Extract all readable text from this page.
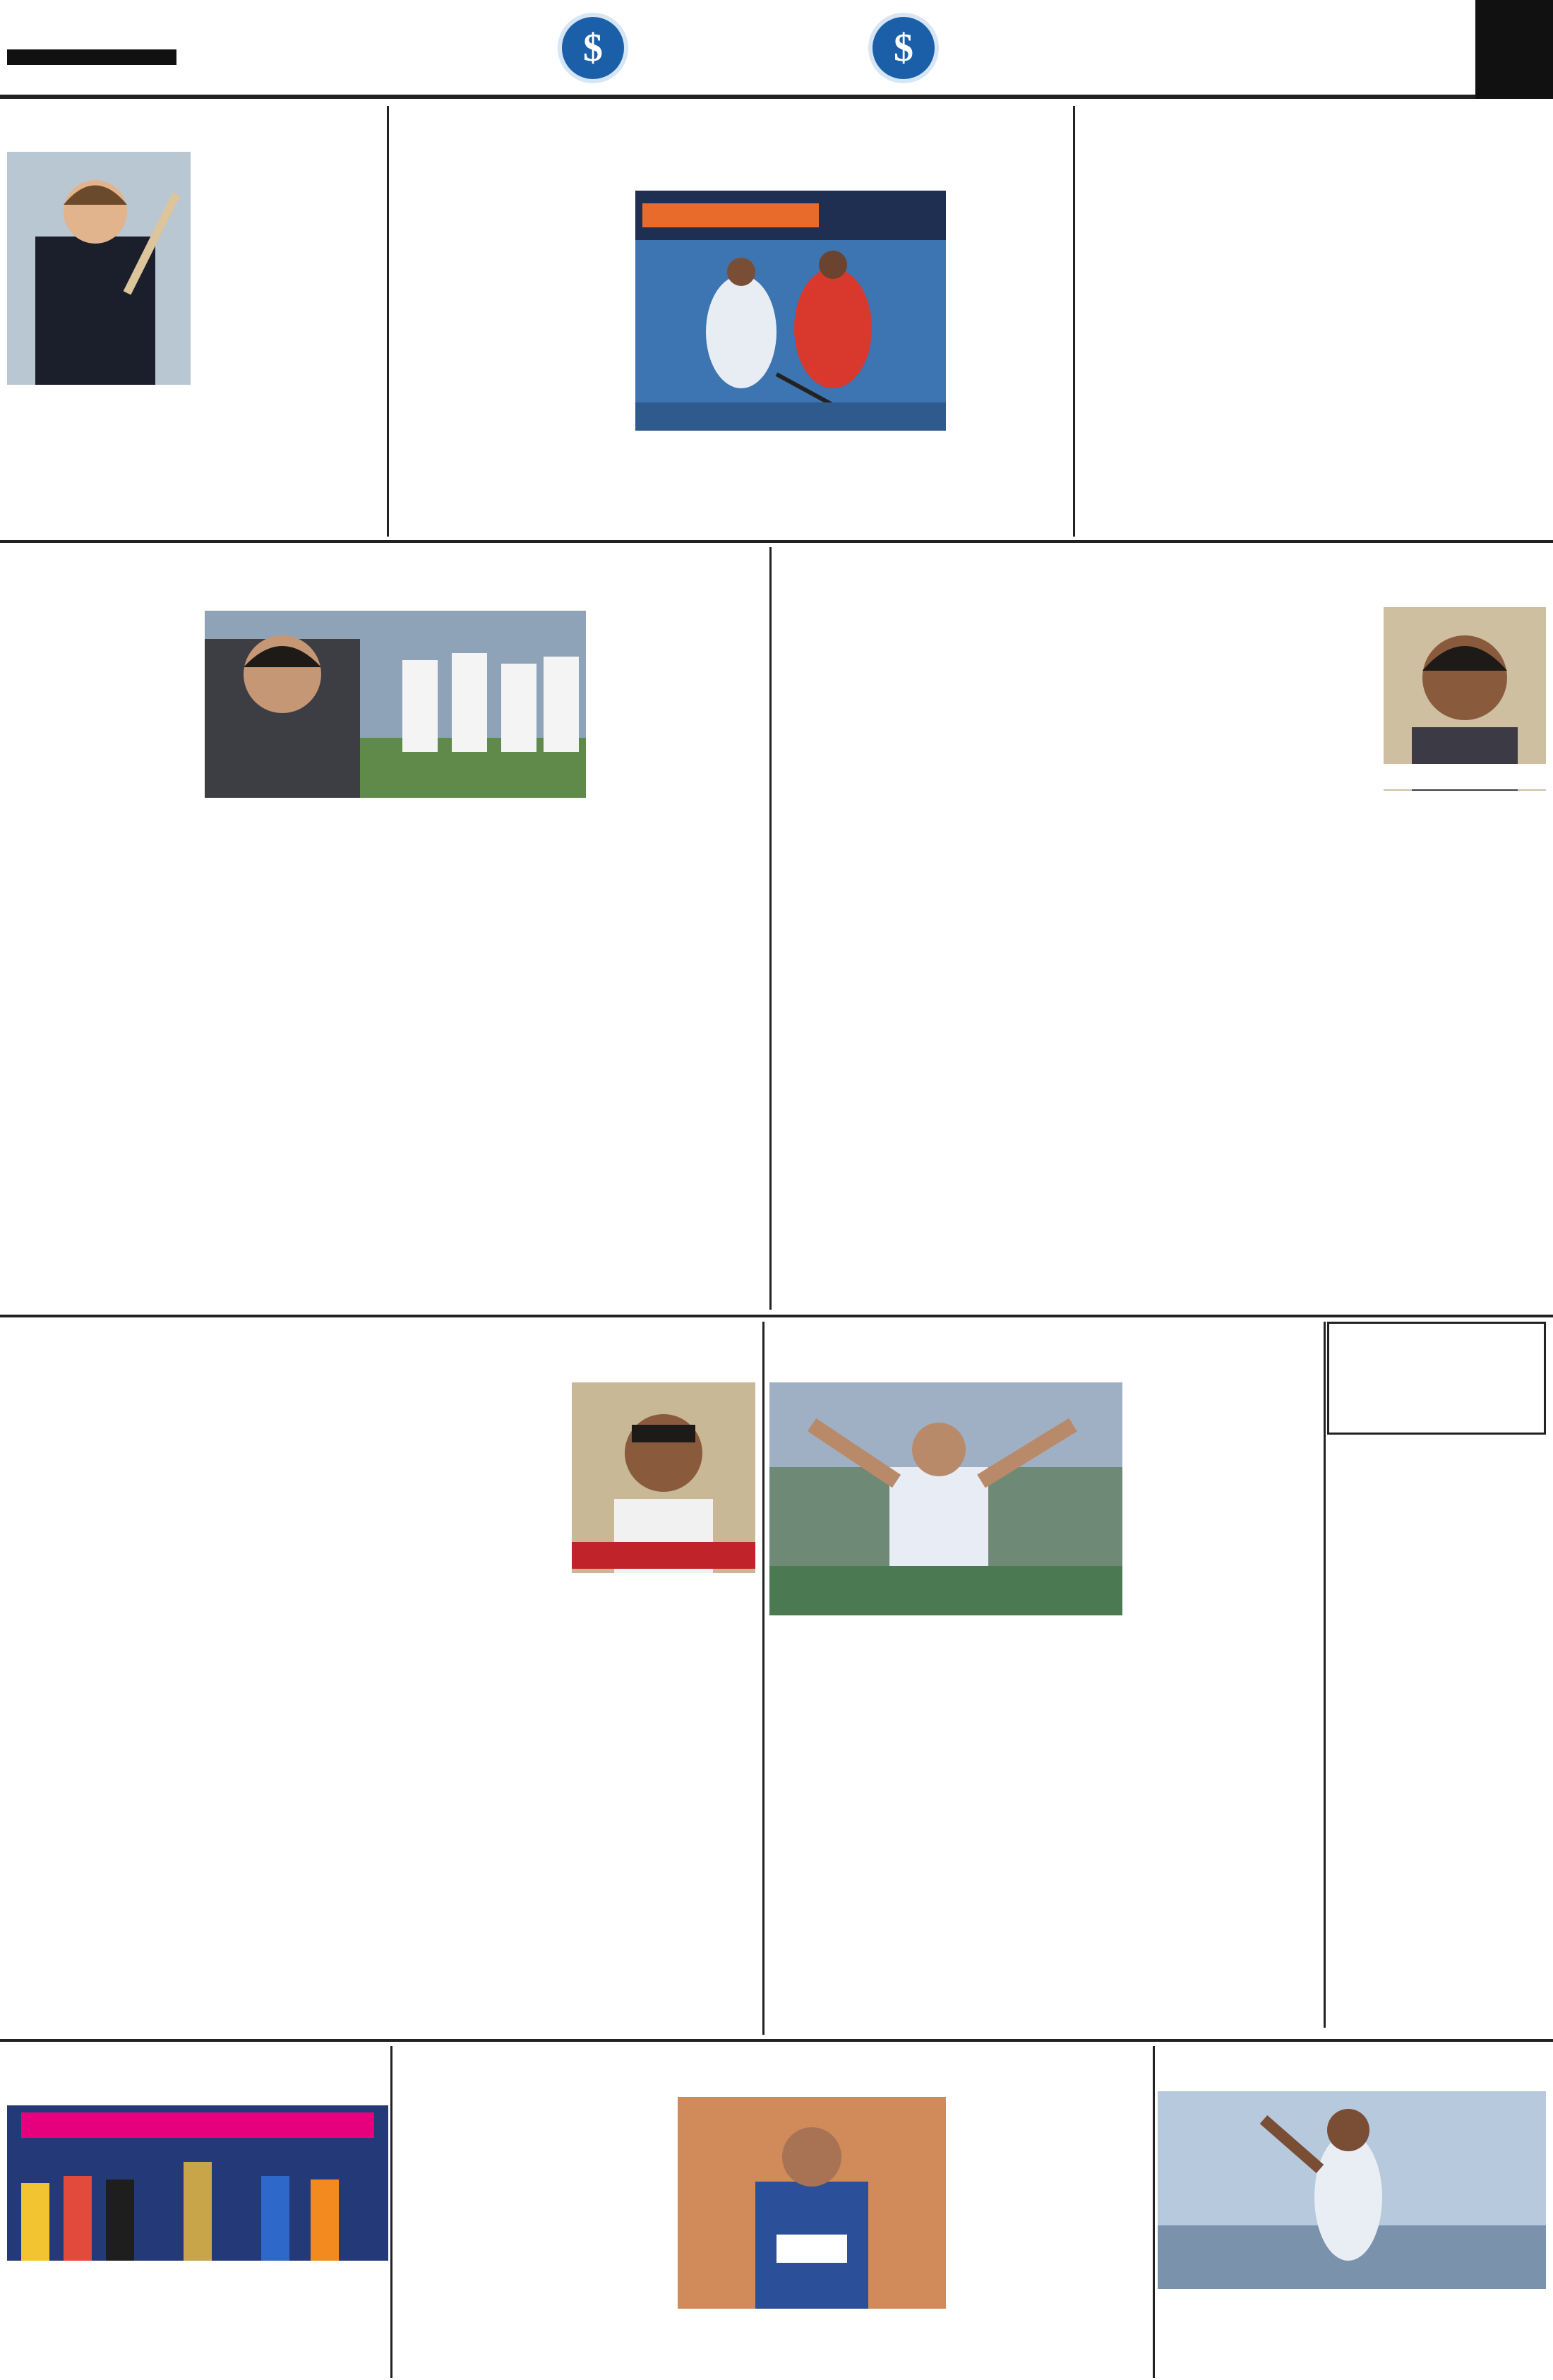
$	$
